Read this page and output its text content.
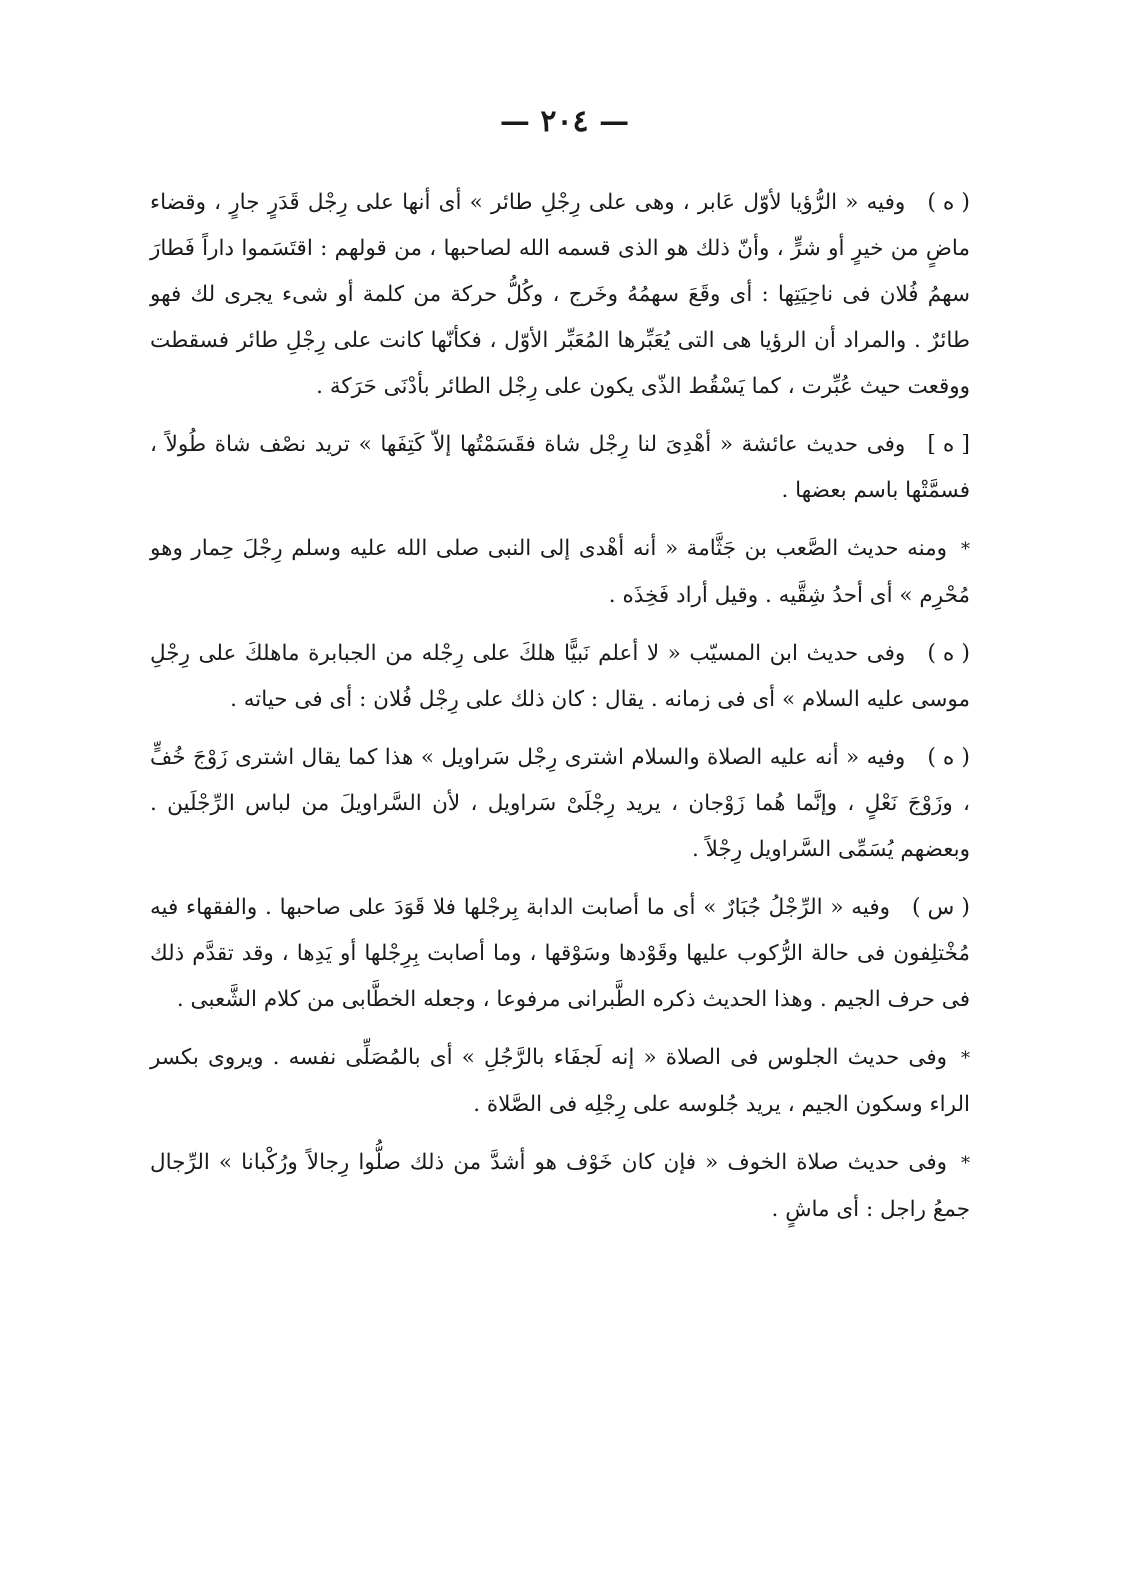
— ٢٠٤ —

( ه )وفيه « الرُّؤيا لأوّل عَابر ، وهى على رِجْلِ طائر » أى أنها على رِجْل قَدَرٍ جارٍ ، وقضاء ماضٍ من خيرٍ أو شرٍّ ، وأنّ ذلك هو الذى قسمه الله لصاحبها ، من قولهم : اقتَسَموا داراً فَطارَ سهمُ فُلان فى ناحِيَتِها : أى وقَعَ سهمُهُ وخَرج ، وكُلُّ حركة من كلمة أو شىء يجرى لك فهو طائرٌ . والمراد أن الرؤيا هى التى يُعَبِّرها المُعَبِّر الأوّل ، فكأنّها كانت على رِجْلِ طائر فسقطت ووقعت حيث عُبِّرت ، كما يَسْقُط الذّى يكون على رِجْل الطائر بأدْنَى حَرَكة .

[ ه ]وفى حديث عائشة « أهْدِىَ لنا رِجْل شاة فقَسَمْتُها إلاّ كَتِفَها » تريد نصْف شاة طُولاً ، فسمَّتْها باسم بعضها .

*ومنه حديث الصَّعب بن جَثَّامة « أنه أهْدى إلى النبى صلى الله عليه وسلم رِجْلَ حِمار وهو مُحْرِم » أى أحدُ شِقَّيه . وقيل أراد فَخِذَه .

( ه )وفى حديث ابن المسيّب « لا أعلم نَبيًّا هلكَ على رِجْله من الجبابرة ماهلكَ على رِجْلِ موسى عليه السلام » أى فى زمانه . يقال : كان ذلك على رِجْل فُلان : أى فى حياته .

( ه )وفيه « أنه عليه الصلاة والسلام اشترى رِجْل سَراويل » هذا كما يقال اشترى زَوْجَ خُفٍّ ، وزَوْجَ نَعْلٍ ، وإنَّما هُما زَوْجان ، يريد رِجْلَىْ سَراويل ، لأن السَّراويلَ من لباس الرِّجْلَين . وبعضهم يُسَمِّى السَّراويل رِجْلاً .

( س )وفيه « الرِّجْلُ جُبَارٌ » أى ما أصابت الدابة بِرجْلها فلا قَوَدَ على صاحبها . والفقهاء فيه مُخْتلِفون فى حالة الرُّكوب عليها وقَوْدها وسَوْقها ، وما أصابت بِرِجْلها أو يَدِها ، وقد تقدَّم ذلك فى حرف الجيم . وهذا الحديث ذكره الطَّبرانى مرفوعا ، وجعله الخطَّابى من كلام الشَّعبى .

*وفى حديث الجلوس فى الصلاة « إنه لَجفَاء بالرَّجُلِ » أى بالمُصَلِّى نفسه . ويروى بكسر الراء وسكون الجيم ، يريد جُلوسه على رِجْلِه فى الصَّلاة .

*وفى حديث صلاة الخوف « فإن كان خَوْف هو أشدَّ من ذلك صلُّوا رِجالاً ورُكْبانا » الرِّجال جمعُ راجل : أى ماشٍ .
